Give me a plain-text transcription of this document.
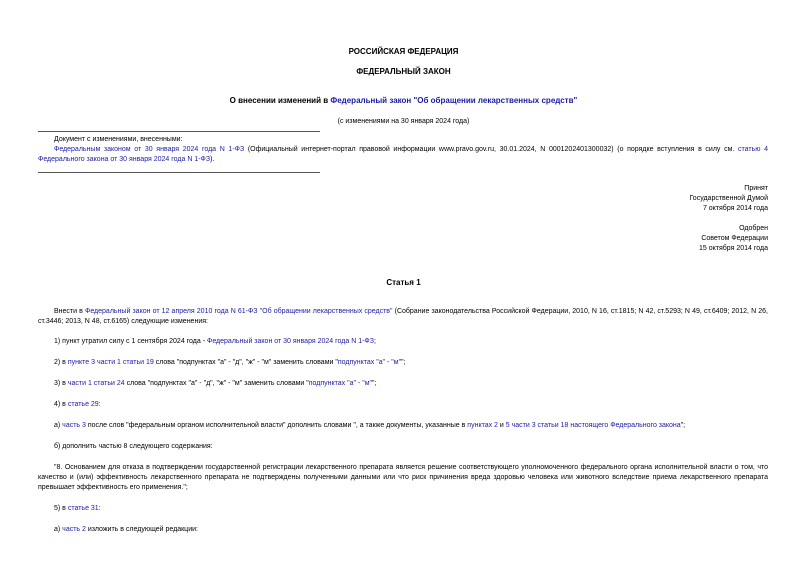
РОССИЙСКАЯ ФЕДЕРАЦИЯ
ФЕДЕРАЛЬНЫЙ ЗАКОН
О внесении изменений в Федеральный закон "Об обращении лекарственных средств"
(с изменениями на 30 января 2024 года)
Документ с изменениями, внесенными:
Федеральным законом от 30 января 2024 года N 1-ФЗ (Официальный интернет-портал правовой информации www.pravo.gov.ru, 30.01.2024, N 0001202401300032) (о порядке вступления в силу см. статью 4 Федерального закона от 30 января 2024 года N 1-ФЗ).
Принят
Государственной Думой
7 октября 2014 года
Одобрен
Советом Федерации
15 октября 2014 года
Статья 1
Внести в Федеральный закон от 12 апреля 2010 года N 61-ФЗ "Об обращении лекарственных средств" (Собрание законодательства Российской Федерации, 2010, N 16, ст.1815; N 42, ст.5293; N 49, ст.6409; 2012, N 26, ст.3446; 2013, N 48, ст.6165) следующие изменения:
1) пункт утратил силу с 1 сентября 2024 года - Федеральный закон от 30 января 2024 года N 1-ФЗ;
2) в пункте 3 части 1 статьи 19 слова "подпунктах "а" - "д", "ж" - "м" заменить словами "подпунктах "а" - "м"";
3) в части 1 статьи 24 слова "подпунктах "а" - "д", "ж" - "м" заменить словами "подпунктах "а" - "м"";
4) в статье 29:
а) часть 3 после слов "федеральным органом исполнительной власти" дополнить словами ", а также документы, указанные в пунктах 2 и 5 части 3 статьи 18 настоящего Федерального закона";
б) дополнить частью 8 следующего содержания:
"8. Основанием для отказа в подтверждении государственной регистрации лекарственного препарата является решение соответствующего уполномоченного федерального органа исполнительной власти о том, что качество и (или) эффективность лекарственного препарата не подтверждены полученными данными или что риск причинения вреда здоровью человека или животного вследствие приема лекарственного препарата превышает эффективность его применения.";
5) в статье 31:
а) часть 2 изложить в следующей редакции:
